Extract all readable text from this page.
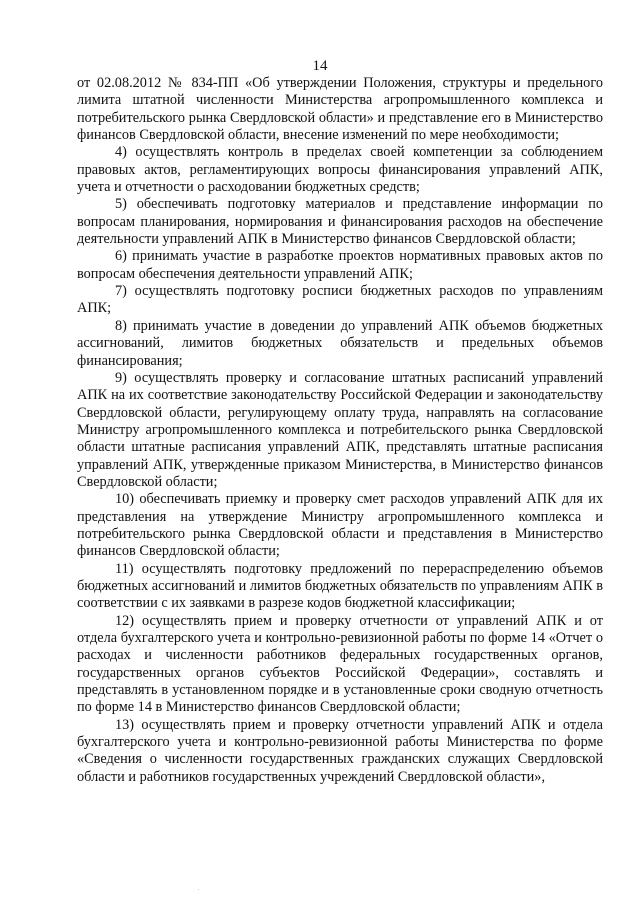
14

от 02.08.2012 № 834-ПП «Об утверждении Положения, структуры и предельного лимита штатной численности Министерства агропромышленного комплекса и потребительского рынка Свердловской области» и представление его в Министерство финансов Свердловской области, внесение изменений по мере необходимости;

4) осуществлять контроль в пределах своей компетенции за соблюдением правовых актов, регламентирующих вопросы финансирования управлений АПК, учета и отчетности о расходовании бюджетных средств;

5) обеспечивать подготовку материалов и представление информации по вопросам планирования, нормирования и финансирования расходов на обеспечение деятельности управлений АПК в Министерство финансов Свердловской области;

6) принимать участие в разработке проектов нормативных правовых актов по вопросам обеспечения деятельности управлений АПК;

7) осуществлять подготовку росписи бюджетных расходов по управлениям АПК;

8) принимать участие в доведении до управлений АПК объемов бюджетных ассигнований, лимитов бюджетных обязательств и предельных объемов финансирования;

9) осуществлять проверку и согласование штатных расписаний управлений АПК на их соответствие законодательству Российской Федерации и законодательству Свердловской области, регулирующему оплату труда, направлять на согласование Министру агропромышленного комплекса и потребительского рынка Свердловской области штатные расписания управлений АПК, представлять штатные расписания управлений АПК, утвержденные приказом Министерства, в Министерство финансов Свердловской области;

10) обеспечивать приемку и проверку смет расходов управлений АПК для их представления на утверждение Министру агропромышленного комплекса и потребительского рынка Свердловской области и представления в Министерство финансов Свердловской области;

11) осуществлять подготовку предложений по перераспределению объемов бюджетных ассигнований и лимитов бюджетных обязательств по управлениям АПК в соответствии с их заявками в разрезе кодов бюджетной классификации;

12) осуществлять прием и проверку отчетности от управлений АПК и от отдела бухгалтерского учета и контрольно-ревизионной работы по форме 14 «Отчет о расходах и численности работников федеральных государственных органов, государственных органов субъектов Российской Федерации», составлять и представлять в установленном порядке и в установленные сроки сводную отчетность по форме 14 в Министерство финансов Свердловской области;

13) осуществлять прием и проверку отчетности управлений АПК и отдела бухгалтерского учета и контрольно-ревизионной работы Министерства по форме «Сведения о численности государственных гражданских служащих Свердловской области и работников государственных учреждений Свердловской области»,
